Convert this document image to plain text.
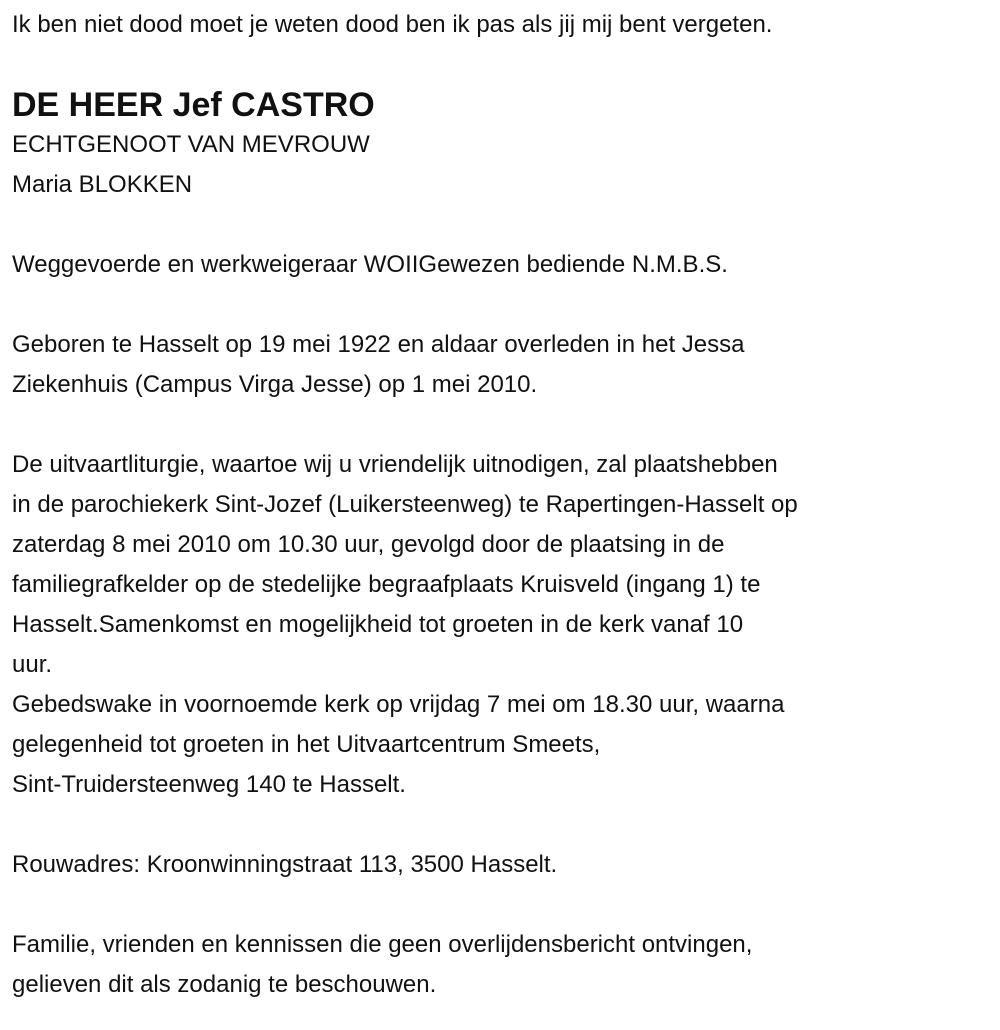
Ik ben niet dood moet je weten dood ben ik pas als jij mij bent vergeten.
DE HEER Jef CASTRO
ECHTGENOOT VAN MEVROUW
Maria BLOKKEN
Weggevoerde en werkweigeraar WOIIGewezen bediende N.M.B.S.
Geboren te Hasselt op 19 mei 1922 en aldaar overleden in het Jessa
Ziekenhuis (Campus Virga Jesse) op 1 mei 2010.
De uitvaartliturgie, waartoe wij u vriendelijk uitnodigen, zal plaatshebben
in de parochiekerk Sint-Jozef (Luikersteenweg) te Rapertingen-Hasselt op
zaterdag 8 mei 2010 om 10.30 uur, gevolgd door de plaatsing in de
familiegrafkelder op de stedelijke begraafplaats Kruisveld (ingang 1) te
Hasselt.Samenkomst en mogelijkheid tot groeten in de kerk vanaf 10
uur.
Gebedswake in voornoemde kerk op vrijdag 7 mei om 18.30 uur, waarna
gelegenheid tot groeten in het Uitvaartcentrum Smeets,
Sint-Truidersteenweg 140 te Hasselt.
Rouwadres: Kroonwinningstraat 113, 3500 Hasselt.
Familie, vrienden en kennissen die geen overlijdensbericht ontvingen,
gelieven dit als zodanig te beschouwen.
